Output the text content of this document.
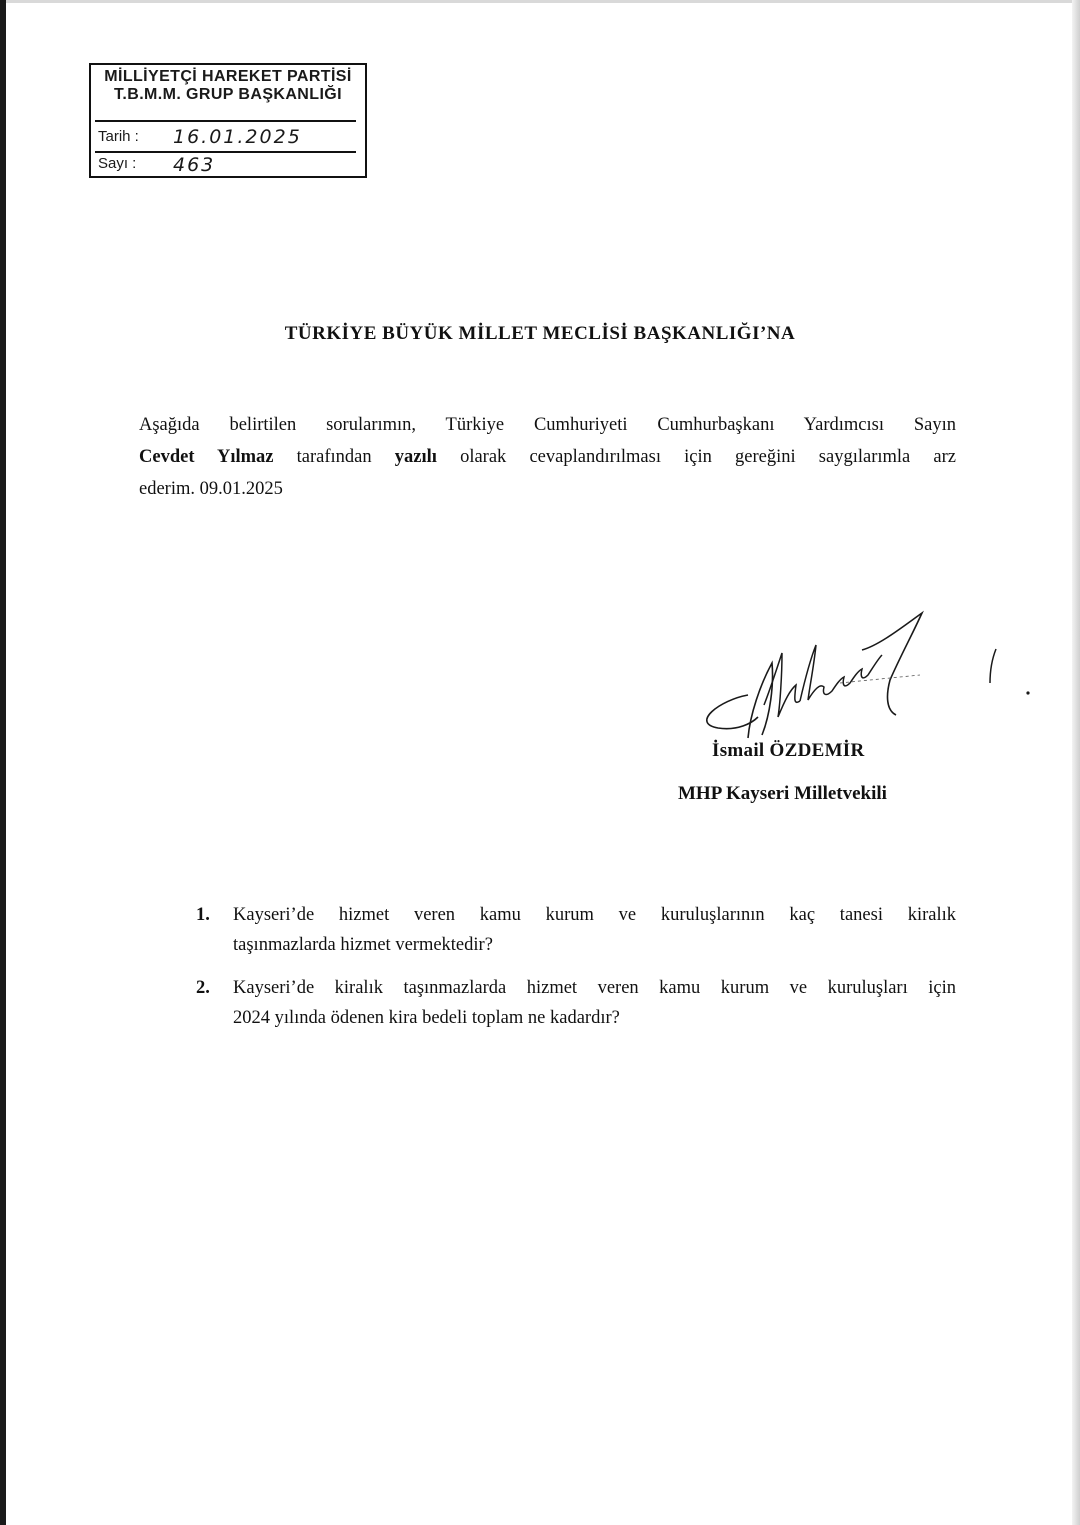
MİLLİYETÇİ HAREKET PARTİSİ
T.B.M.M. GRUP BAŞKANLIĞI
Tarih : 16.01.2025
Sayı : 463
TÜRKİYE BÜYÜK MİLLET MECLİSİ BAŞKANLIĞI’NA
Aşağıda belirtilen sorularımın, Türkiye Cumhuriyeti Cumhurbaşkanı Yardımcısı Sayın
Cevdet Yılmaz tarafından yazılı olarak cevaplandırılması için gereğini saygılarımla arz
ederim. 09.01.2025
İsmail ÖZDEMİR
MHP Kayseri Milletvekili
1. Kayseri’de hizmet veren kamu kurum ve kuruluşlarının kaç tanesi kiralık
taşınmazlarda hizmet vermektedir?
2. Kayseri’de kiralık taşınmazlarda hizmet veren kamu kurum ve kuruluşları için
2024 yılında ödenen kira bedeli toplam ne kadardır?
